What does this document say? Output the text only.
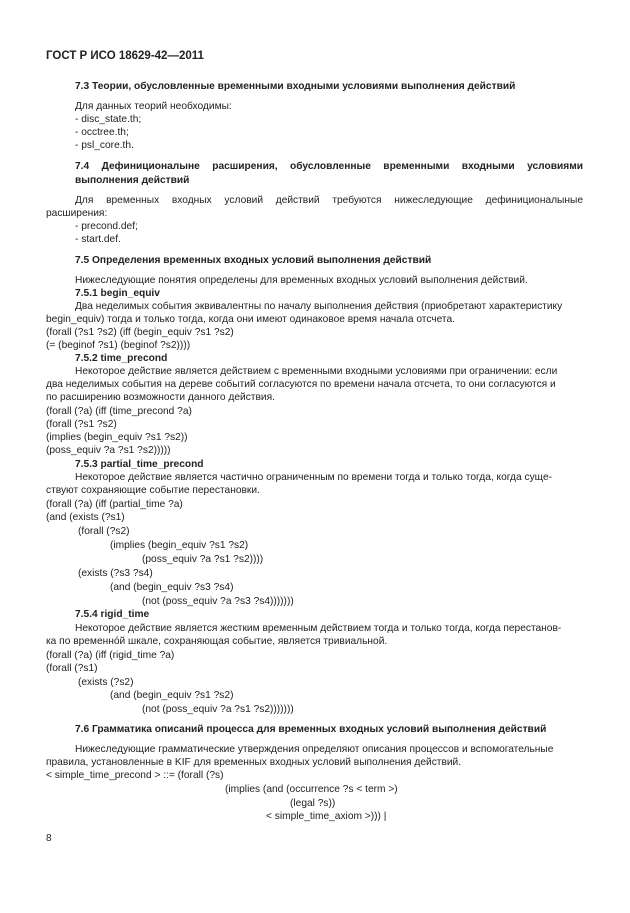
ГОСТ Р ИСО 18629-42—2011
7.3 Теории, обусловленные временными входными условиями выполнения действий
Для данных теорий необходимы:
- disc_state.th;
- occtree.th;
- psl_core.th.
7.4 Дефиниционалыне расширения, обусловленные временными входными условиями
выполнения действий
Для временных входных условий действий требуются нижеследующие дефиниционалыные
расширения:
- precond.def;
- start.def.
7.5 Определения временных входных условий выполнения действий
Нижеследующие понятия определены для временных входных условий выполнения действий.
7.5.1 begin_equiv
Два неделимых события эквивалентны по началу выполнения действия (приобретают характеристику
begin_equiv) тогда и только тогда, когда они имеют одинаковое время начала отсчета.
(forall (?s1 ?s2) (iff (begin_equiv ?s1 ?s2)
(= (beginof ?s1) (beginof ?s2))))
7.5.2 time_precond
Некоторое действие является действием с временными входными условиями при ограничении: если
два неделимых события на дереве событий согласуются по времени начала отсчета, то они согласуются и
по расширению возможности данного действия.
(forall (?a) (iff (time_precond ?a)
(forall (?s1 ?s2)
(implies (begin_equiv ?s1 ?s2))
(poss_equiv ?a ?s1 ?s2)))))
7.5.3 partial_time_precond
Некоторое действие является частично ограниченным по времени тогда и только тогда, когда суще-
ствуют сохраняющие событие перестановки.
(forall (?a) (iff (partial_time ?a)
(and (exists (?s1)
(forall (?s2)
(implies (begin_equiv ?s1 ?s2)
(poss_equiv ?a ?s1 ?s2))))
(exists (?s3 ?s4)
(and (begin_equiv ?s3 ?s4)
(not (poss_equiv ?a ?s3 ?s4)))))))
7.5.4 rigid_time
Некоторое действие является жестким временным действием тогда и только тогда, когда перестанов-
ка по временно́й шкале, сохраняющая событие, является тривиальной.
(forall (?a) (iff (rigid_time ?a)
(forall (?s1)
(exists (?s2)
(and (begin_equiv ?s1 ?s2)
(not (poss_equiv ?a ?s1 ?s2)))))))
7.6 Грамматика описаний процесса для временных входных условий выполнения действий
Нижеследующие грамматические утверждения определяют описания процессов и вспомогательные
правила, установленные в KIF для временных входных условий выполнения действий.
< simple_time_precond > ::= (forall (?s)
(implies (and (occurrence ?s < term >)
(legal ?s))
< simple_time_axiom >))) |
8
